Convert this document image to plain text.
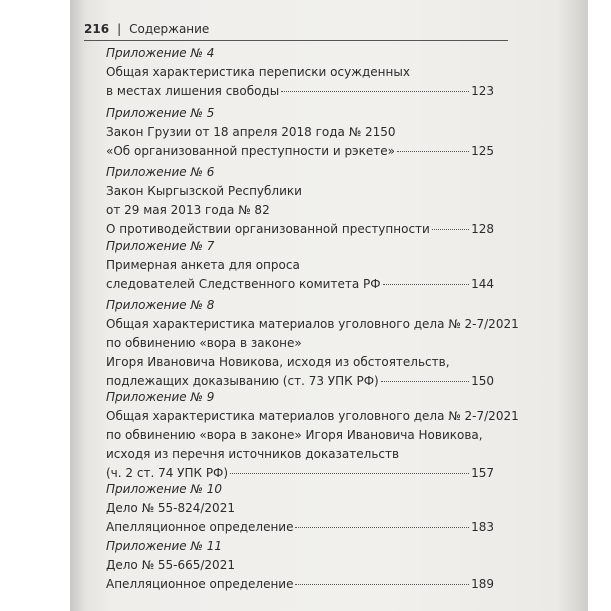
216 | Содержание
Приложение № 4
Общая характеристика переписки осужденных
в местах лишения свободы	123
Приложение № 5
Закон Грузии от 18 апреля 2018 года № 2150
«Об организованной преступности и рэкете»	125
Приложение № 6
Закон Кыргызской Республики
от 29 мая 2013 года № 82
О противодействии организованной преступности	128
Приложение № 7
Примерная анкета для опроса
следователей Следственного комитета РФ	144
Приложение № 8
Общая характеристика материалов уголовного дела № 2-7/2021
по обвинению «вора в законе»
Игоря Ивановича Новикова, исходя из обстоятельств,
подлежащих доказыванию (ст. 73 УПК РФ)	150
Приложение № 9
Общая характеристика материалов уголовного дела № 2-7/2021
по обвинению «вора в законе» Игоря Ивановича Новикова,
исходя из перечня источников доказательств
(ч. 2 ст. 74 УПК РФ)	157
Приложение № 10
Дело № 55-824/2021
Апелляционное определение	183
Приложение № 11
Дело № 55-665/2021
Апелляционное определение	189
